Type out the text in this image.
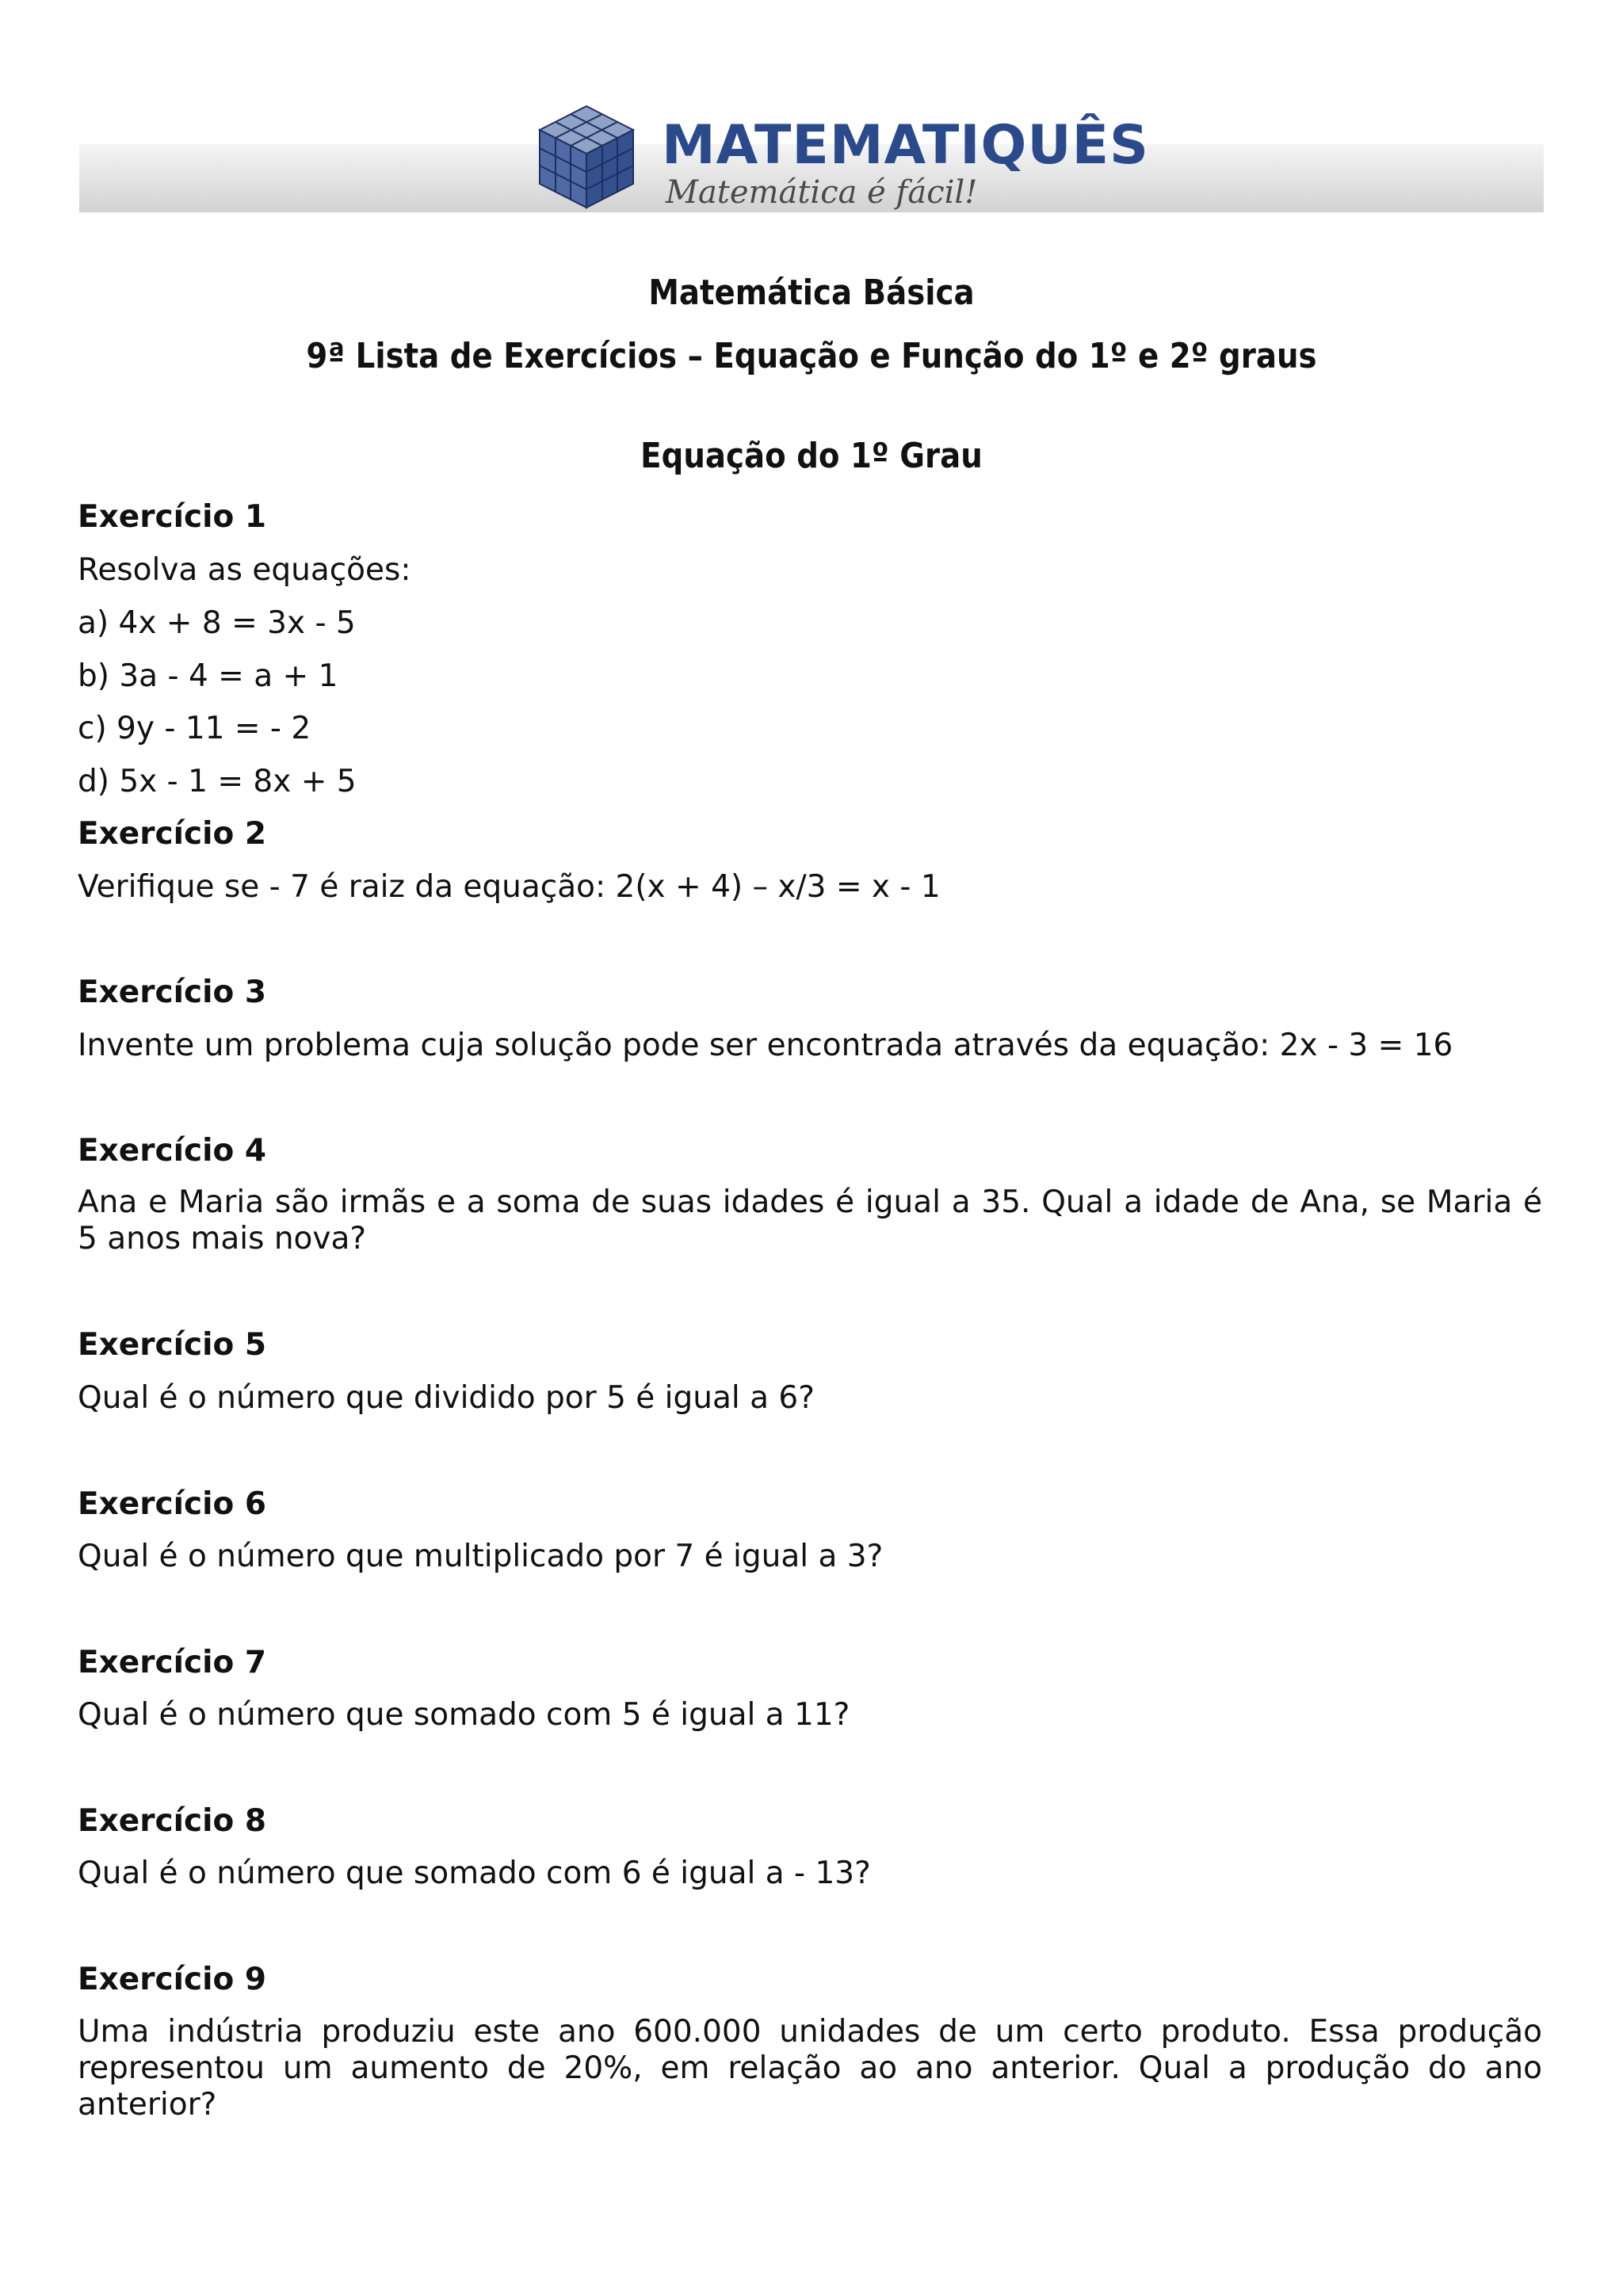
MATEMATIQUÊS
Matemática é fácil!
Matemática Básica
9ª Lista de Exercícios – Equação e Função do 1º e 2º graus
Equação do 1º Grau
Exercício 1
Resolva as equações:
a) 4x + 8 = 3x - 5
b) 3a - 4 = a + 1
c) 9y - 11 = - 2
d) 5x - 1 = 8x + 5
Exercício 2
Verifique se - 7 é raiz da equação: 2(x + 4) – x/3 = x - 1
Exercício 3
Invente um problema cuja solução pode ser encontrada através da equação: 2x - 3 = 16
Exercício 4
Ana e Maria são irmãs e a soma de suas idades é igual a 35. Qual a idade de Ana, se Maria é 5 anos mais nova?
Exercício 5
Qual é o número que dividido por 5 é igual a 6?
Exercício 6
Qual é o número que multiplicado por 7 é igual a 3?
Exercício 7
Qual é o número que somado com 5 é igual a 11?
Exercício 8
Qual é o número que somado com 6 é igual a - 13?
Exercício 9
Uma indústria produziu este ano 600.000 unidades de um certo produto. Essa produção representou um aumento de 20%, em relação ao ano anterior. Qual a produção do ano anterior?
